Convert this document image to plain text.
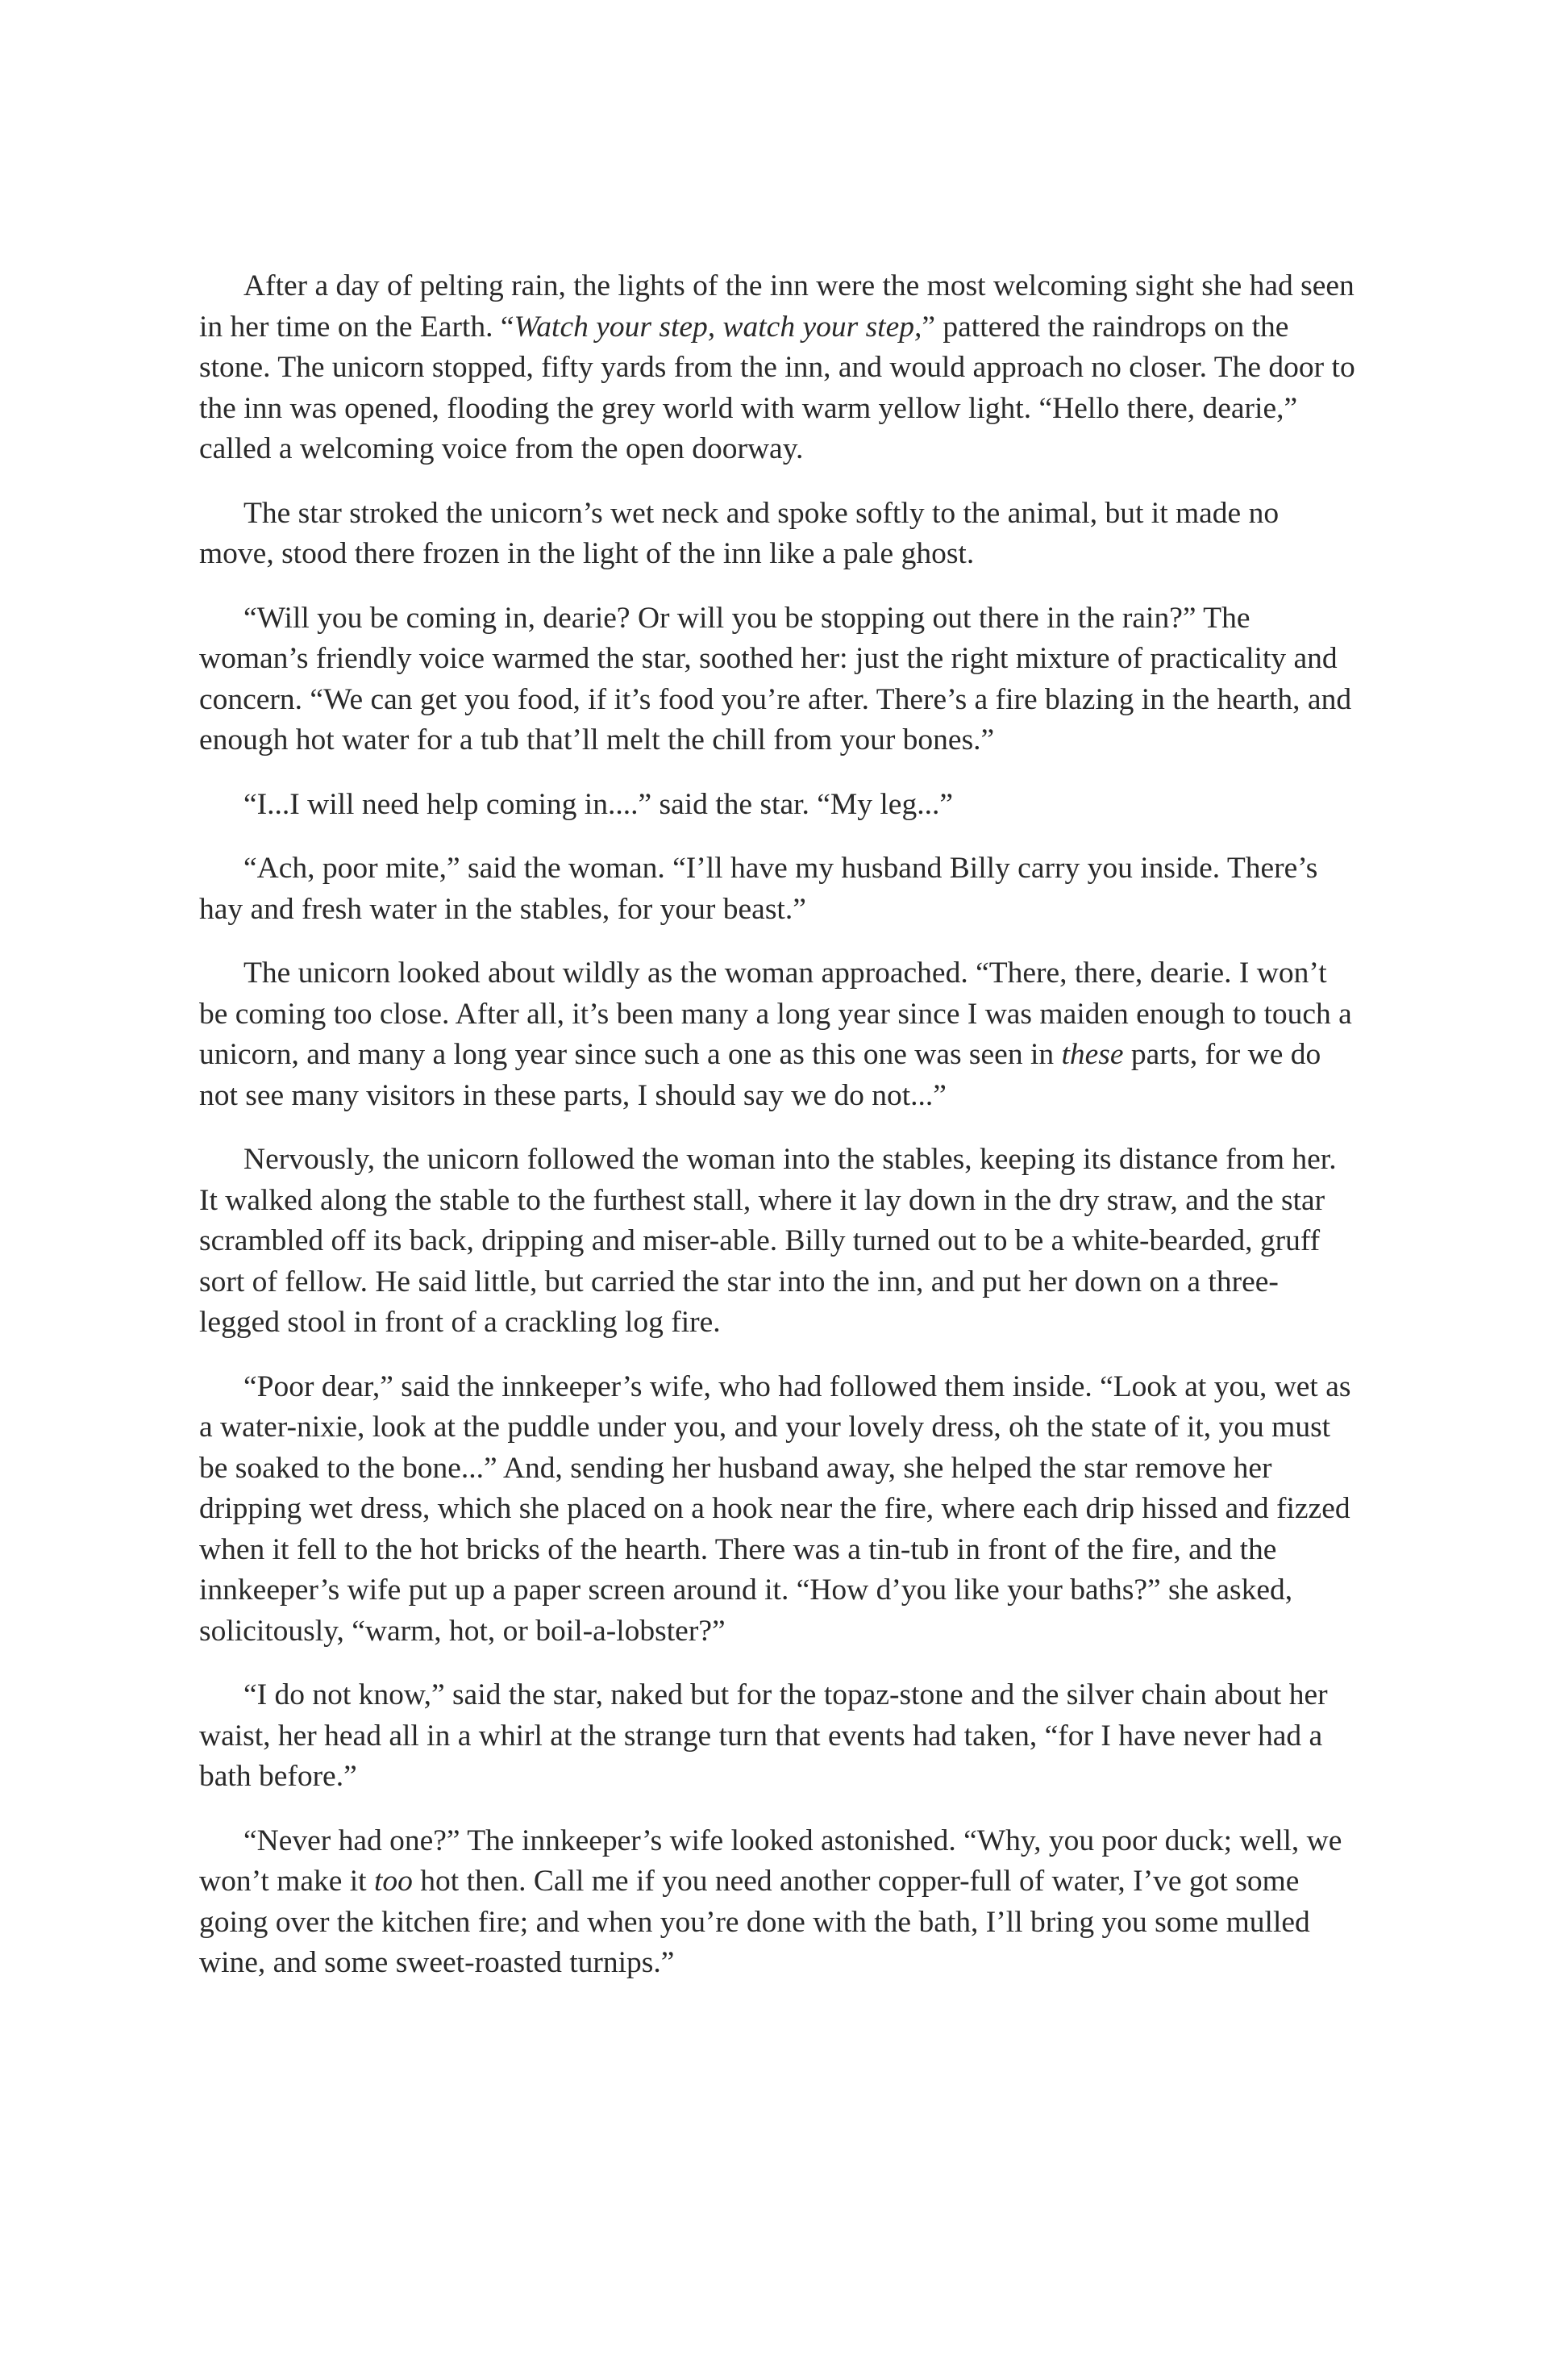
After a day of pelting rain, the lights of the inn were the most welcoming sight she had seen in her time on the Earth. “Watch your step, watch your step,” pattered the raindrops on the stone. The unicorn stopped, fifty yards from the inn, and would approach no closer. The door to the inn was opened, flooding the grey world with warm yellow light. “Hello there, dearie,” called a welcoming voice from the open doorway.

The star stroked the unicorn’s wet neck and spoke softly to the animal, but it made no move, stood there frozen in the light of the inn like a pale ghost.

“Will you be coming in, dearie? Or will you be stopping out there in the rain?” The woman’s friendly voice warmed the star, soothed her: just the right mixture of practicality and concern. “We can get you food, if it’s food you’re after. There’s a fire blazing in the hearth, and enough hot water for a tub that’ll melt the chill from your bones.”

“I...I will need help coming in....” said the star. “My leg...”

“Ach, poor mite,” said the woman. “I’ll have my husband Billy carry you inside. There’s hay and fresh water in the stables, for your beast.”

The unicorn looked about wildly as the woman approached. “There, there, dearie. I won’t be coming too close. After all, it’s been many a long year since I was maiden enough to touch a unicorn, and many a long year since such a one as this one was seen in these parts, for we do not see many visitors in these parts, I should say we do not...”

Nervously, the unicorn followed the woman into the stables, keeping its distance from her. It walked along the stable to the furthest stall, where it lay down in the dry straw, and the star scrambled off its back, dripping and miser-able. Billy turned out to be a white-bearded, gruff sort of fellow. He said little, but carried the star into the inn, and put her down on a three-legged stool in front of a crackling log fire.

“Poor dear,” said the innkeeper’s wife, who had followed them inside. “Look at you, wet as a water-nixie, look at the puddle under you, and your lovely dress, oh the state of it, you must be soaked to the bone...” And, sending her husband away, she helped the star remove her dripping wet dress, which she placed on a hook near the fire, where each drip hissed and fizzed when it fell to the hot bricks of the hearth. There was a tin-tub in front of the fire, and the innkeeper’s wife put up a paper screen around it. “How d’you like your baths?” she asked, solicitously, “warm, hot, or boil-a-lobster?”

“I do not know,” said the star, naked but for the topaz-stone and the silver chain about her waist, her head all in a whirl at the strange turn that events had taken, “for I have never had a bath before.”

“Never had one?” The innkeeper’s wife looked astonished. “Why, you poor duck; well, we won’t make it too hot then. Call me if you need another copper-full of water, I’ve got some going over the kitchen fire; and when you’re done with the bath, I’ll bring you some mulled wine, and some sweet-roasted turnips.”
